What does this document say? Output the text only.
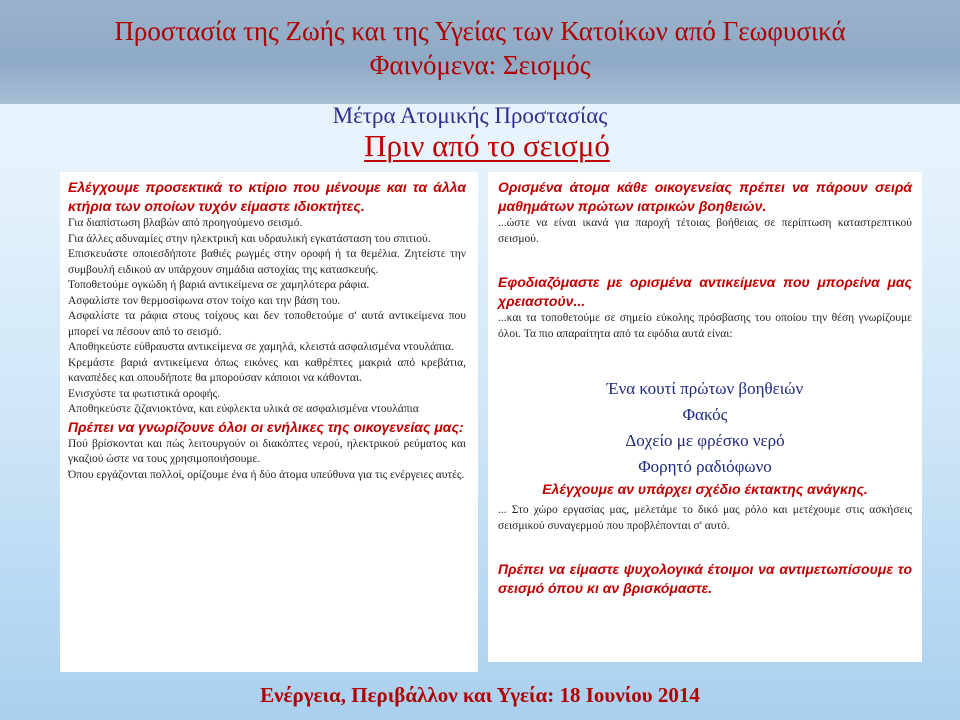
Προστασία της Ζωής και της Υγείας των Κατοίκων από Γεωφυσικά
Φαινόμενα: Σεισμός
Μέτρα Ατομικής Προστασίας
Πριν από το σεισμό
Ελέγχουμε προσεκτικά το κτίριο που μένουμε και τα άλλα κτήρια των οποίων τυχόν είμαστε ιδιοκτήτες.

Για διαπίστωση βλαβών από προηγούμενο σεισμό.

Για άλλες αδυναμίες στην ηλεκτρική και υδραυλική εγκατάσταση του σπιτιού.

Επισκευάστε οποιεσδήποτε βαθιές ρωγμές στην οροφή ή τα θεμέλια. Ζητείστε την συμβουλή ειδικού αν υπάρχουν σημάδια αστοχίας της κατασκευής.

Τοποθετούμε ογκώδη ή βαριά αντικείμενα σε χαμηλότερα ράφια.

Ασφαλίστε τον θερμοσίφωνα στον τοίχο και την βάση του.

Ασφαλίστε τα ράφια στους τοίχους και δεν τοποθετούμε σ' αυτά αντικείμενα που μπορεί να πέσουν από το σεισμό.

Αποθηκεύστε εύθραυστα αντικείμενα σε χαμηλά, κλειστά ασφαλισμένα ντουλάπια.

Κρεμάστε βαριά αντικείμενα όπως εικόνες και καθρέπτες μακριά από κρεβάτια, καναπέδες και οπουδήποτε θα μπορούσαν κάποιοι να κάθονται.

Ενισχύστε τα φωτιστικά οροφής.

Αποθηκεύστε ζιζανιοκτόνα, και εύφλεκτα υλικά σε ασφαλισμένα ντουλάπια

Πρέπει να γνωρίζουνε όλοι οι ενήλικες της οικογενείας μας:

Πού βρίσκονται και πώς λειτουργούν οι διακόπτες νερού, ηλεκτρικού ρεύματος και γκαζιού ώστε να τους χρησιμοποιήσουμε.

Όπου εργάζονται πολλοί, ορίζουμε ένα ή δύο άτομα υπεύθυνα για τις ενέργειες αυτές.

Ορισμένα άτομα κάθε οικογενείας πρέπει να πάρουν σειρά μαθημάτων πρώτων ιατρικών βοηθειών.

...ώστε να είναι ικανά για παροχή τέτοιας βοήθειας σε περίπτωση καταστρεπτικού σεισμού.

Εφοδιαζόμαστε με ορισμένα αντικείμενα που μπορείνα μας χρειαστούν...

...και τα τοποθετούμε σε σημείο εύκολης πρόσβασης του οποίου την θέση γνωρίζουμε όλοι. Τα πιο απαραίτητα από τα εφόδια αυτά είναι:

Ένα κουτί πρώτων βοηθειών
Φακός
Δοχείο με φρέσκο νερό
Φορητό ραδιόφωνο
Ελέγχουμε αν υπάρχει σχέδιο έκτακτης ανάγκης.

... Στο χώρο εργασίας μας, μελετάμε το δικό μας ρόλο και μετέχουμε στις ασκήσεις σεισμικού συναγερμού που προβλέπονται σ' αυτό.

Πρέπει να είμαστε ψυχολογικά έτοιμοι να αντιμετωπίσουμε το σεισμό όπου κι αν βρισκόμαστε.
Ενέργεια, Περιβάλλον και Υγεία: 18 Ιουνίου 2014
